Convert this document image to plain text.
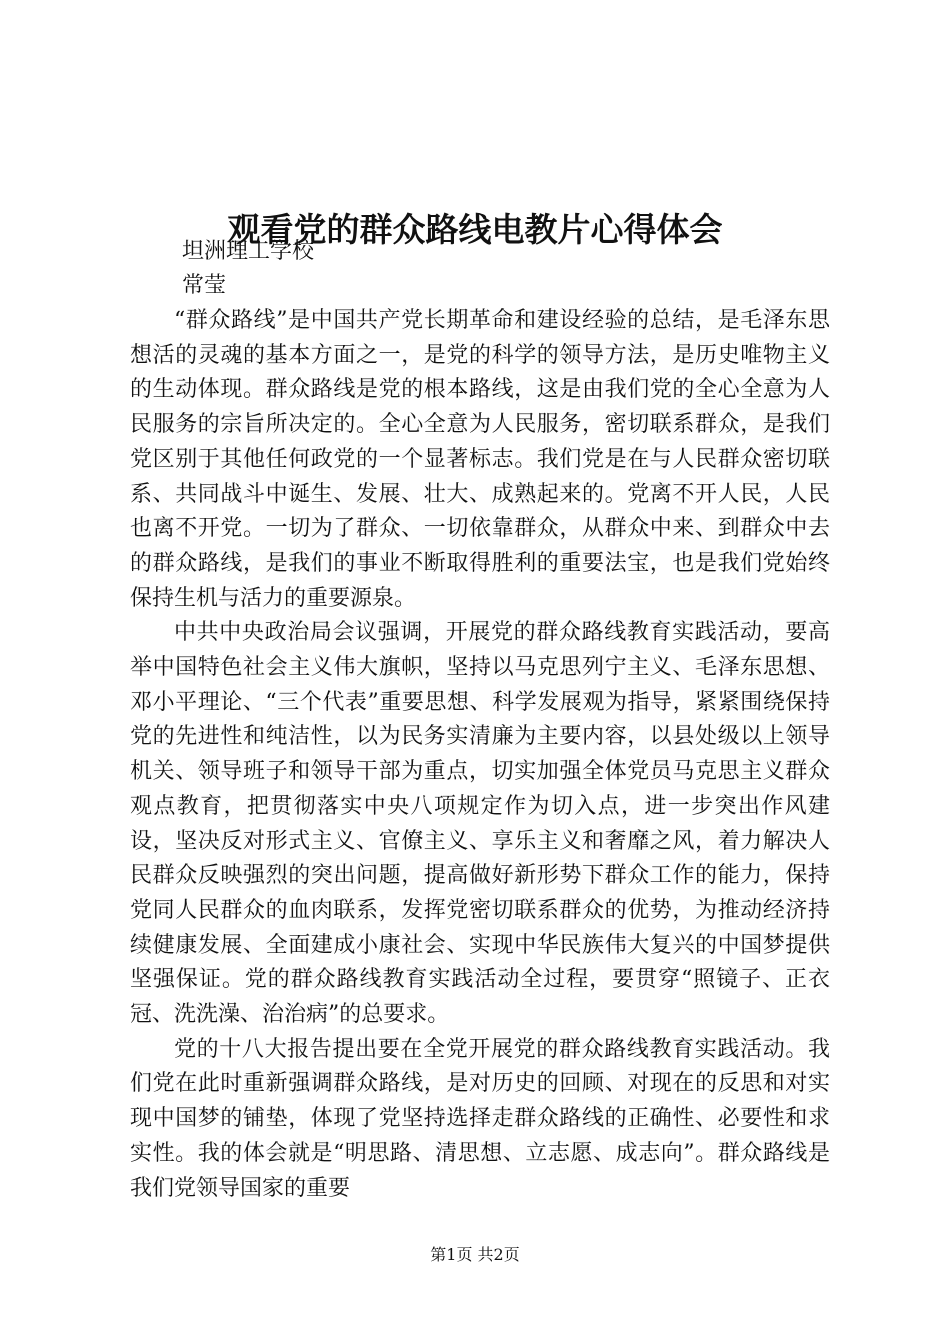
观看党的群众路线电教片心得体会
坦洲理工学校
常莹

“群众路线”是中国共产党长期革命和建设经验的总结，是毛泽东思想活的灵魂的基本方面之一，是党的科学的领导方法，是历史唯物主义的生动体现。群众路线是党的根本路线，这是由我们党的全心全意为人民服务的宗旨所决定的。全心全意为人民服务，密切联系群众，是我们党区别于其他任何政党的一个显著标志。我们党是在与人民群众密切联系、共同战斗中诞生、发展、壮大、成熟起来的。党离不开人民，人民也离不开党。一切为了群众、一切依靠群众，从群众中来、到群众中去的群众路线，是我们的事业不断取得胜利的重要法宝，也是我们党始终保持生机与活力的重要源泉。

中共中央政治局会议强调，开展党的群众路线教育实践活动，要高举中国特色社会主义伟大旗帜，坚持以马克思列宁主义、毛泽东思想、邓小平理论、“三个代表”重要思想、科学发展观为指导，紧紧围绕保持党的先进性和纯洁性，以为民务实清廉为主要内容，以县处级以上领导机关、领导班子和领导干部为重点，切实加强全体党员马克思主义群众观点教育，把贯彻落实中央八项规定作为切入点，进一步突出作风建设，坚决反对形式主义、官僚主义、享乐主义和奢靡之风，着力解决人民群众反映强烈的突出问题，提高做好新形势下群众工作的能力，保持党同人民群众的血肉联系，发挥党密切联系群众的优势，为推动经济持续健康发展、全面建成小康社会、实现中华民族伟大复兴的中国梦提供坚强保证。党的群众路线教育实践活动全过程，要贯穿“照镜子、正衣冠、洗洗澡、治治病”的总要求。

党的十八大报告提出要在全党开展党的群众路线教育实践活动。我们党在此时重新强调群众路线，是对历史的回顾、对现在的反思和对实现中国梦的铺垫，体现了党坚持选择走群众路线的正确性、必要性和求实性。我的体会就是“明思路、清思想、立志愿、成志向”。群众路线是我们党领导国家的重要

第1页 共2页
